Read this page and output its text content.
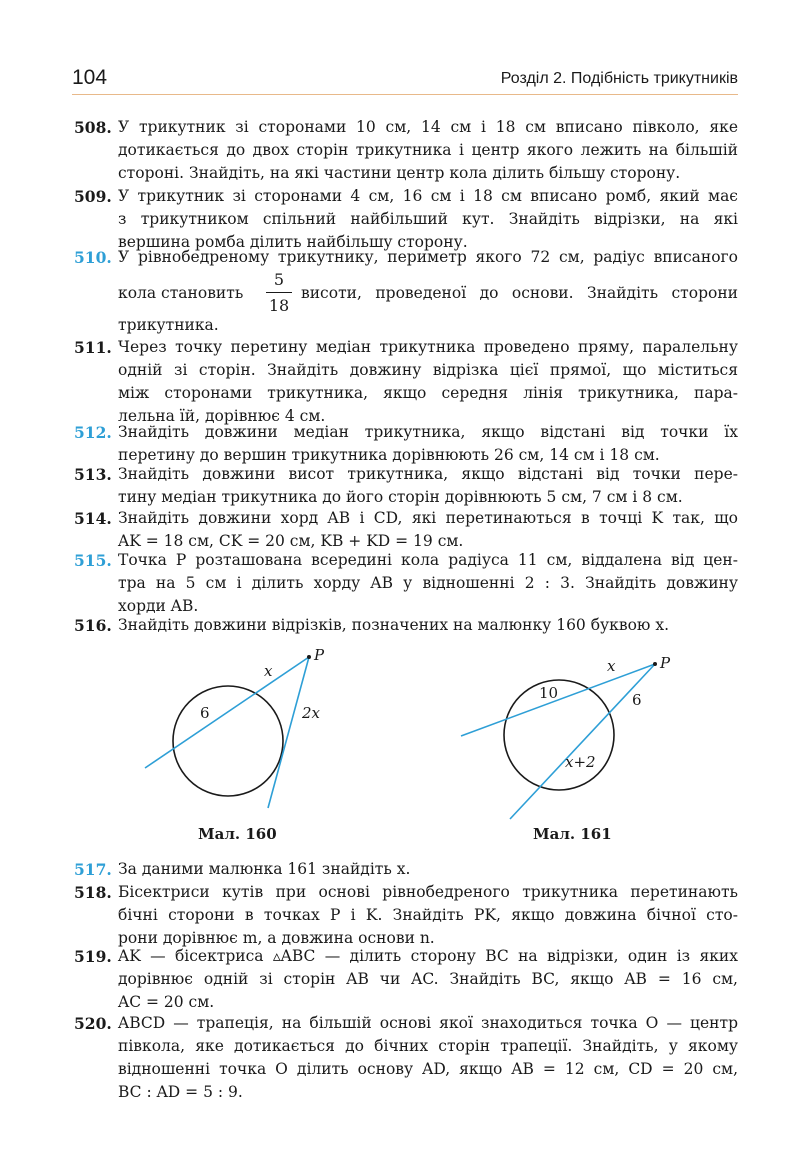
104	Розділ 2. Подібність трикутників
508. У трикутник зі сторонами 10 см, 14 см і 18 см вписано півколо, яке
дотикається до двох сторін трикутника і центр якого лежить на більшій
стороні. Знайдіть, на які частини центр кола ділить більшу сторону.
509. У трикутник зі сторонами 4 см, 16 см і 18 см вписано ромб, який має
з трикутником спільний найбільший кут. Знайдіть відрізки, на які
вершина ромба ділить найбільшу сторону.
510. У рівнобедреному трикутнику, периметр якого 72 см, радіус вписаного
кола становить
5
18
висоти, проведеної до основи. Знайдіть сторони
трикутника.
511. Через точку перетину медіан трикутника проведено пряму, паралельну
одній зі сторін. Знайдіть довжину відрізка цієї прямої, що міститься
між сторонами трикутника, якщо середня лінія трикутника, пара-
лельна їй, дорівнює 4 см.
512. Знайдіть довжини медіан трикутника, якщо відстані від точки їх
перетину до вершин трикутника дорівнюють 26 см, 14 см і 18 см.
513. Знайдіть довжини висот трикутника, якщо відстані від точки пере-
тину медіан трикутника до його сторін дорівнюють 5 см, 7 см і 8 см.
514. Знайдіть довжини хорд AB і CD, які перетинаються в точці K так, що
AK = 18 см, CK = 20 см, KB + KD = 19 см.
515. Точка P розташована всередині кола радіуса 11 см, віддалена від цен-
тра на 5 см і ділить хорду AB у відношенні 2 : 3. Знайдіть довжину
хорди AB.
516. Знайдіть довжини відрізків, позначених на малюнку 160 буквою x.
P
x
6	2x
Мал. 160
P
x
10	6
x+2
Мал. 161
517. За даними малюнка 161 знайдіть x.
518. Бісектриси кутів при основі рівнобедреного трикутника перетинають
бічні сторони в точках P і K. Знайдіть PK, якщо довжина бічної сто-
рони дорівнює m, а довжина основи n.
519. AK — бісектриса ▵ABC — ділить сторону BC на відрізки, один із яких
дорівнює одній зі сторін AB чи AC. Знайдіть BC, якщо AB = 16 см,
AC = 20 см.
520. ABCD — трапеція, на більшій основі якої знаходиться точка O — центр
півкола, яке дотикається до бічних сторін трапеції. Знайдіть, у якому
відношенні точка O ділить основу AD, якщо AB = 12 см, CD = 20 см,
BC : AD = 5 : 9.
